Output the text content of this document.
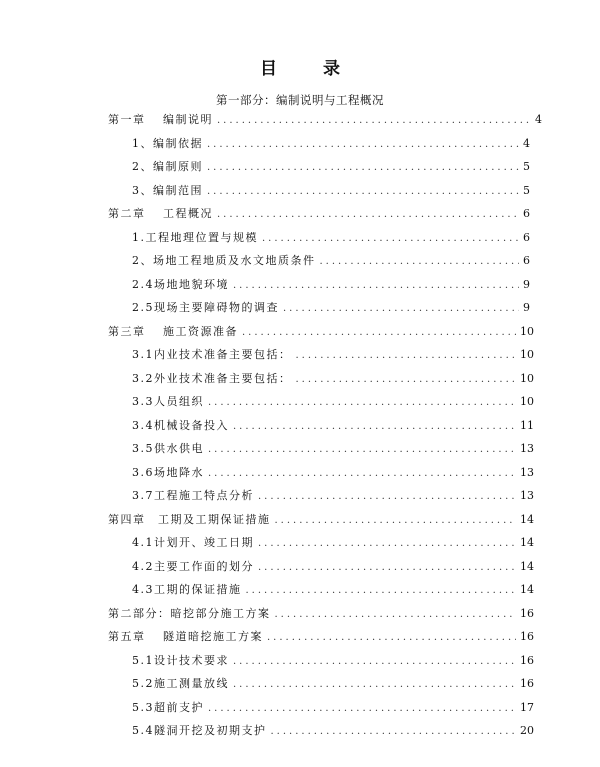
目 录
第一部分：编制说明与工程概况
第一章　 编制说明 .....	4
1、编制依据 .....	4
2、编制原则 .....	5
3、编制范围 .....	5
第二章　 工程概况 .....	6
1.工程地理位置与规模 .....	6
2、场地工程地质及水文地质条件 .....	6
2.4场地地貌环境 .....	9
2.5现场主要障碍物的调查 .....	9
第三章　 施工资源准备 .....	10
3.1内业技术准备主要包括： .....	10
3.2外业技术准备主要包括： .....	10
3.3人员组织 .....	10
3.4机械设备投入 .....	11
3.5供水供电 .....	13
3.6场地降水 .....	13
3.7工程施工特点分析 .....	13
第四章　工期及工期保证措施 .....	14
4.1计划开、竣工日期 .....	14
4.2主要工作面的划分 .....	14
4.3工期的保证措施 .....	14
第二部分：暗挖部分施工方案 .....	16
第五章　 隧道暗挖施工方案 .....	16
5.1设计技术要求 .....	16
5.2施工测量放线 .....	16
5.3超前支护 .....	17
5.4隧洞开挖及初期支护 .....	20
